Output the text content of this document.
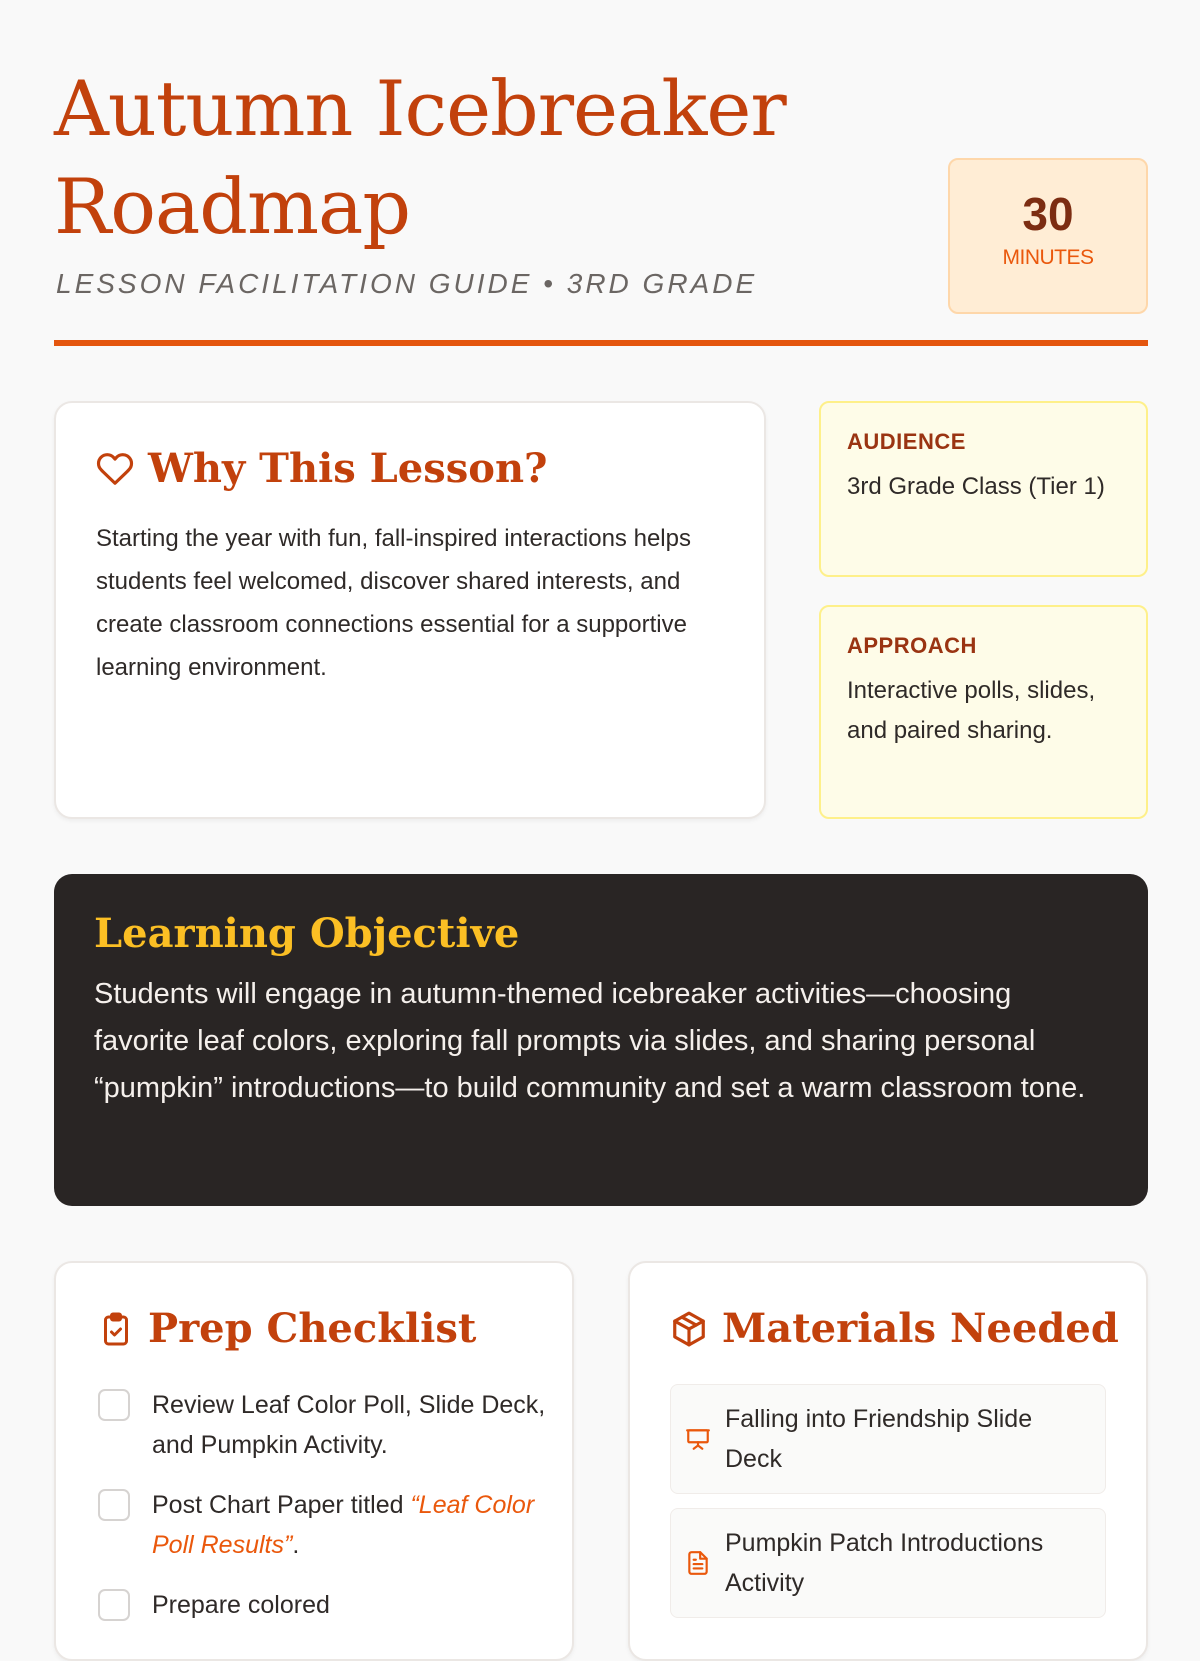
Autumn Icebreaker Roadmap
LESSON FACILITATION GUIDE • 3RD GRADE
30
MINUTES
Why This Lesson?

Starting the year with fun, fall-inspired interactions helps students feel welcomed, discover shared interests, and create classroom connections essential for a supportive learning environment.

AUDIENCE
3rd Grade Class (Tier 1)
APPROACH
Interactive polls, slides, and paired sharing.
Learning Objective

Students will engage in autumn-themed icebreaker activities—choosing favorite leaf colors, exploring fall prompts via slides, and sharing personal “pumpkin” introductions—to build community and set a warm classroom tone.

Prep Checklist
Review Leaf Color Poll, Slide Deck, and Pumpkin Activity.
Post Chart Paper titled “Leaf Color Poll Results”.
Prepare colored
Materials Needed
Falling into Friendship Slide Deck
Pumpkin Patch Introductions Activity
